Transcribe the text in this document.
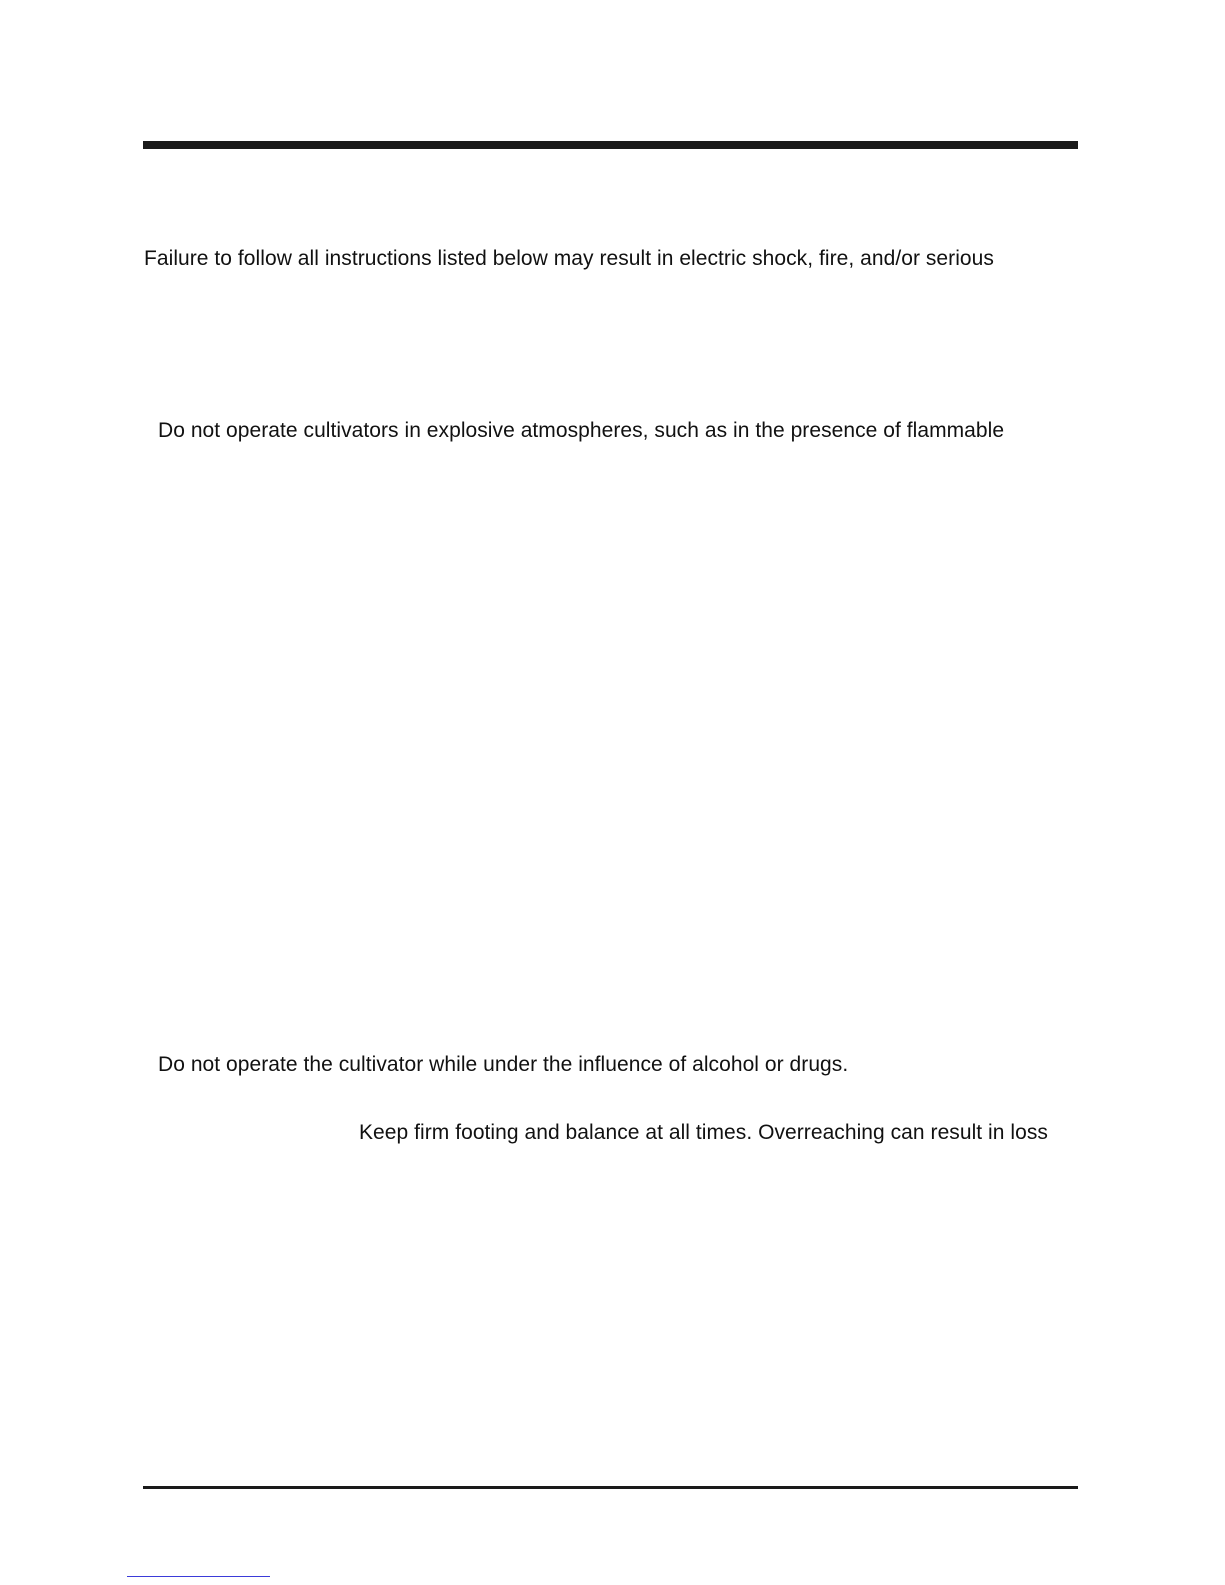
Failure to follow all instructions listed below may result in electric shock, fire, and/or serious
Do not operate cultivators in explosive atmospheres, such as in the presence of flammable
Do not operate the cultivator while under the influence of alcohol or drugs.
Keep firm footing and balance at all times. Overreaching can result in loss
